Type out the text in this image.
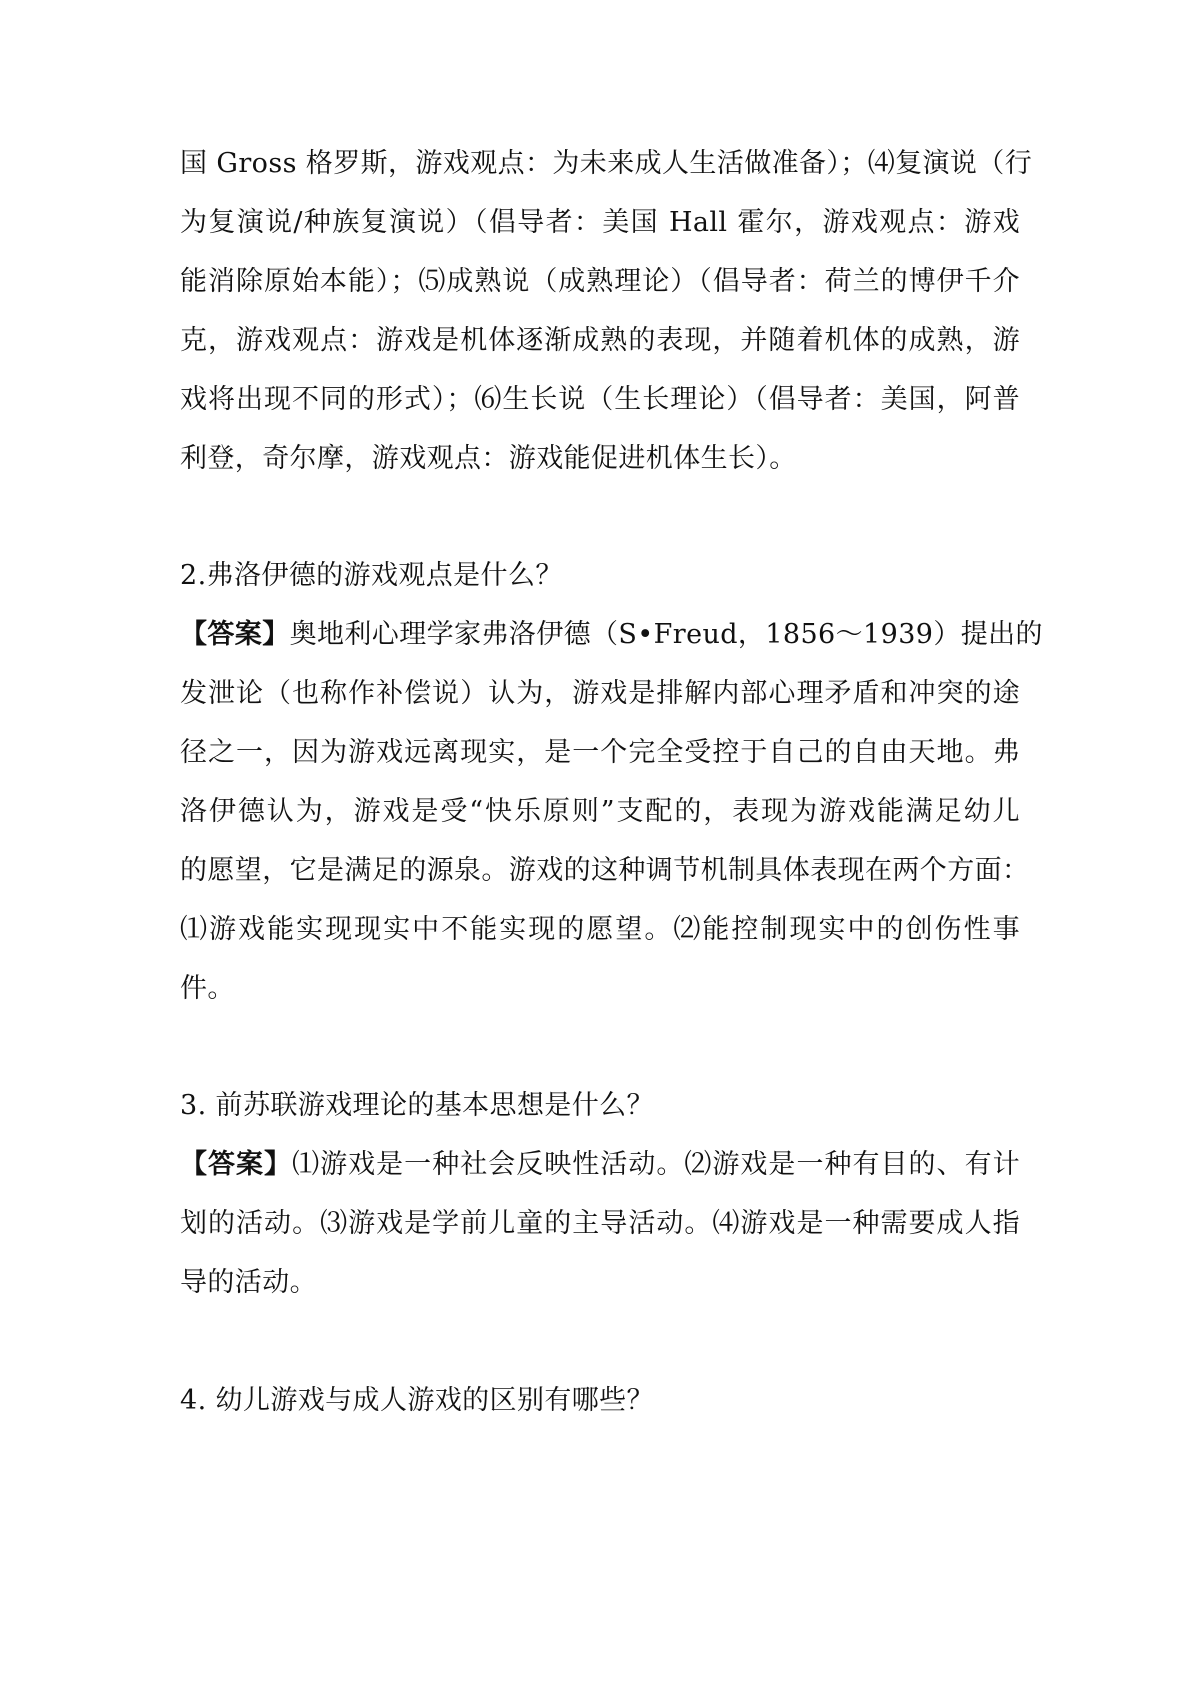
国 Gross 格罗斯，游戏观点：为未来成人生活做准备）；⑷复演说（行
为复演说/种族复演说）（倡导者：美国 Hall 霍尔，游戏观点：游戏
能消除原始本能）；⑸成熟说（成熟理论）（倡导者：荷兰的博伊千介
克，游戏观点：游戏是机体逐渐成熟的表现，并随着机体的成熟，游
戏将出现不同的形式）；⑹生长说（生长理论）（倡导者：美国，阿普
利登，奇尔摩，游戏观点：游戏能促进机体生长）。
2.弗洛伊德的游戏观点是什么？
【答案】奥地利心理学家弗洛伊德（S•Freud，1856～1939）提出的
发泄论（也称作补偿说）认为，游戏是排解内部心理矛盾和冲突的途
径之一，因为游戏远离现实，是一个完全受控于自己的自由天地。弗
洛伊德认为，游戏是受“快乐原则”支配的，表现为游戏能满足幼儿
的愿望，它是满足的源泉。游戏的这种调节机制具体表现在两个方面：
⑴游戏能实现现实中不能实现的愿望。⑵能控制现实中的创伤性事
件。
3. 前苏联游戏理论的基本思想是什么？
【答案】⑴游戏是一种社会反映性活动。⑵游戏是一种有目的、有计
划的活动。⑶游戏是学前儿童的主导活动。⑷游戏是一种需要成人指
导的活动。
4. 幼儿游戏与成人游戏的区别有哪些？
